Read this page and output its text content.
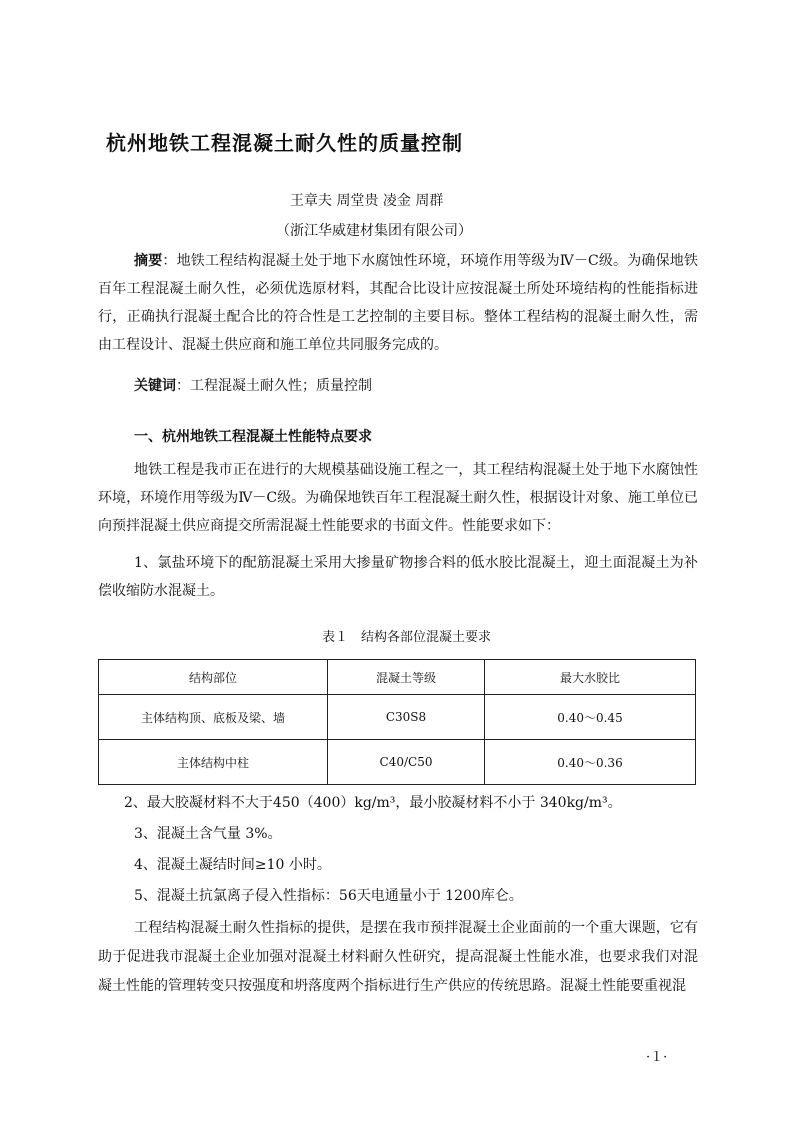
杭州地铁工程混凝土耐久性的质量控制
王章夫 周堂贵 凌金 周群
（浙江华威建材集团有限公司）
摘要：地铁工程结构混凝土处于地下水腐蚀性环境，环境作用等级为Ⅳ－C级。为确保地铁百年工程混凝土耐久性，必须优选原材料，其配合比设计应按混凝土所处环境结构的性能指标进行，正确执行混凝土配合比的符合性是工艺控制的主要目标。整体工程结构的混凝土耐久性，需由工程设计、混凝土供应商和施工单位共同服务完成的。
关键词：工程混凝土耐久性；质量控制
一、杭州地铁工程混凝土性能特点要求
地铁工程是我市正在进行的大规模基础设施工程之一，其工程结构混凝土处于地下水腐蚀性环境，环境作用等级为Ⅳ－C级。为确保地铁百年工程混凝土耐久性，根据设计对象、施工单位已向预拌混凝土供应商提交所需混凝土性能要求的书面文件。性能要求如下：
1、氯盐环境下的配筋混凝土采用大掺量矿物掺合料的低水胶比混凝土，迎土面混凝土为补偿收缩防水混凝土。
表１　结构各部位混凝土要求
结构部位	混凝土等级	最大水胶比
主体结构顶、底板及梁、墙	C30S8	0.40～0.45
主体结构中柱	C40/C50	0.40～0.36
2、最大胶凝材料不大于450（400）kg/m³，最小胶凝材料不小于 340kg/m³。
3、混凝土含气量 3%。
4、混凝土凝结时间≥10 小时。
5、混凝土抗氯离子侵入性指标：56天电通量小于 1200库仑。
工程结构混凝土耐久性指标的提供，是摆在我市预拌混凝土企业面前的一个重大课题，它有助于促进我市混凝土企业加强对混凝土材料耐久性研究，提高混凝土性能水准，也要求我们对混凝土性能的管理转变只按强度和坍落度两个指标进行生产供应的传统思路。混凝土性能要重视混
·１·
